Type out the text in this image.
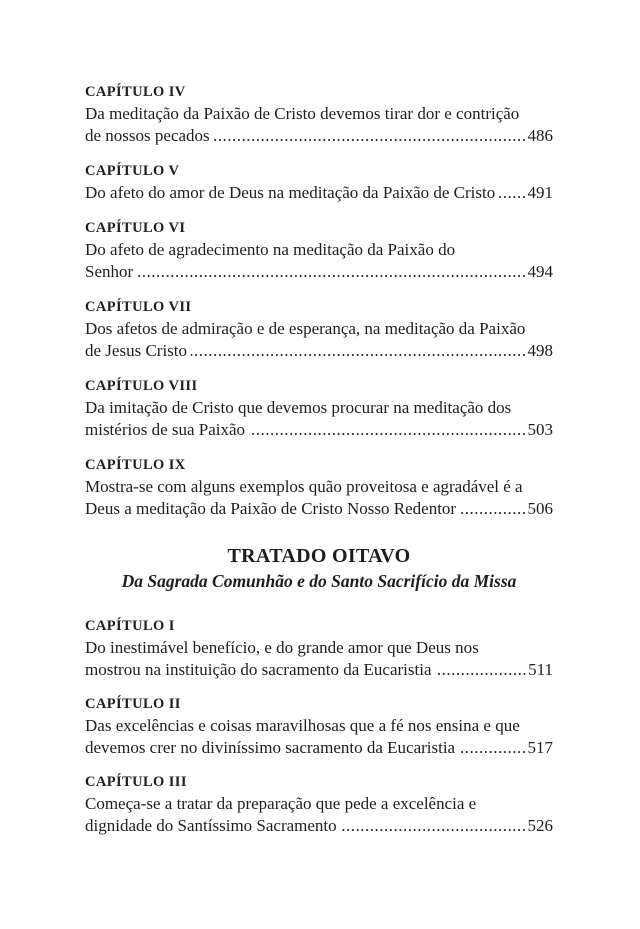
CAPÍTULO IV
Da meditação da Paixão de Cristo devemos tirar dor e contrição
de nossos pecados .....	486
CAPÍTULO V
Do afeto do amor de Deus na meditação da Paixão de Cristo ..... 491
CAPÍTULO VI
Do afeto de agradecimento na meditação da Paixão do
Senhor .....	494
CAPÍTULO VII
Dos afetos de admiração e de esperança, na meditação da Paixão
de Jesus Cristo .....	498
CAPÍTULO VIII
Da imitação de Cristo que devemos procurar na meditação dos
mistérios de sua Paixão .....	503
CAPÍTULO IX
Mostra-se com alguns exemplos quão proveitosa e agradável é a
Deus a meditação da Paixão de Cristo Nosso Redentor .....	506
TRATADO OITAVO
Da Sagrada Comunhão e do Santo Sacrifício da Missa
CAPÍTULO I
Do inestimável benefício, e do grande amor que Deus nos
mostrou na instituição do sacramento da Eucaristia .....	511
CAPÍTULO II
Das excelências e coisas maravilhosas que a fé nos ensina e que
devemos crer no diviníssimo sacramento da Eucaristia .....	517
CAPÍTULO III
Começa-se a tratar da preparação que pede a excelência e
dignidade do Santíssimo Sacramento .....	526
